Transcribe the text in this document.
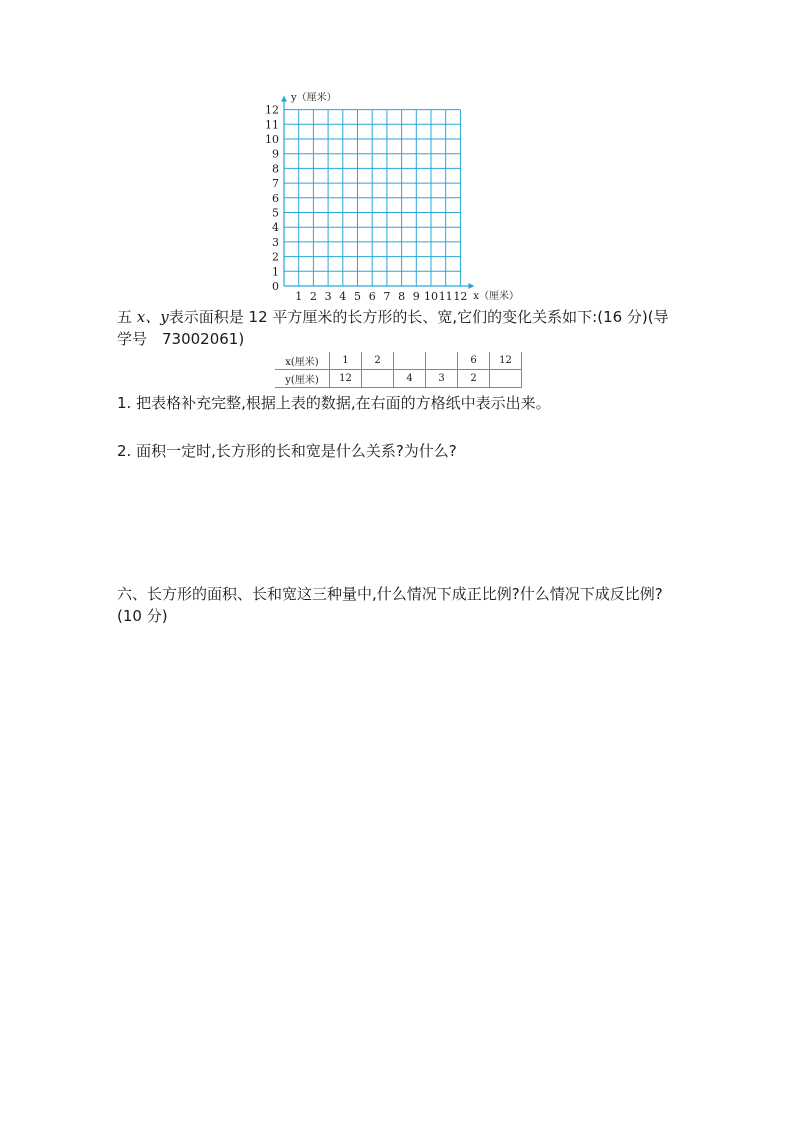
0
1
2
3
4
5
6
7
8
9
10
11
12
1 2 3 4 5 6 7 8 9 10 11 12
y（厘米）
x（厘米）
五 x、y表示面积是 12 平方厘米的长方形的长、宽,它们的变化关系如下:(16 分)(导
学号　73002061)
x(厘米)	1	2			6	12
y(厘米)	12		4	3	2	
1. 把表格补充完整,根据上表的数据,在右面的方格纸中表示出来。
2. 面积一定时,长方形的长和宽是什么关系?为什么?
六、长方形的面积、长和宽这三种量中,什么情况下成正比例?什么情况下成反比例?(10 分)
